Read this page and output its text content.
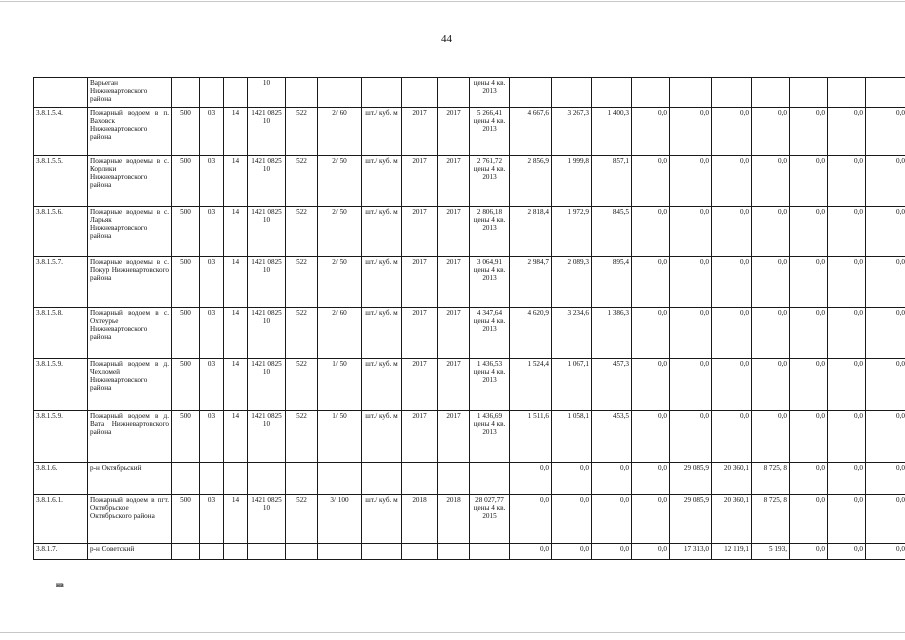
44
	Варьеган Нижневартовского района				10						цены 4 кв. 2013										
3.8.1.5.4.	Пожарный водоем в п. Ваховск Нижневартовского района	500	03	14	1421 0825 10	522	2/ 60	шт./ куб. м	2017	2017	5 266,41 цены 4 кв. 2013	4 667,6	3 267,3	1 400,3	0,0	0,0	0,0	0,0	0,0	0,0	0,0
3.8.1.5.5.	Пожарные водоемы в с. Корлики Нижневартовского района	500	03	14	1421 0825 10	522	2/ 50	шт./ куб. м	2017	2017	2 761,72 цены 4 кв. 2013	2 856,9	1 999,8	857,1	0,0	0,0	0,0	0,0	0,0	0,0	0,0
3.8.1.5.6.	Пожарные водоемы в с. Ларьяк Нижневартовского района	500	03	14	1421 0825 10	522	2/ 50	шт./ куб. м	2017	2017	2 806,18 цены 4 кв. 2013	2 818,4	1 972,9	845,5	0,0	0,0	0,0	0,0	0,0	0,0	0,0
3.8.1.5.7.	Пожарные водоемы в с. Покур Нижневартовского района	500	03	14	1421 0825 10	522	2/ 50	шт./ куб. м	2017	2017	3 064,91 цены 4 кв. 2013	2 984,7	2 089,3	895,4	0,0	0,0	0,0	0,0	0,0	0,0	0,0
3.8.1.5.8.	Пожарный водоем в с. Охтеурье Нижневартовского района	500	03	14	1421 0825 10	522	2/ 60	шт./ куб. м	2017	2017	4 347,64 цены 4 кв. 2013	4 620,9	3 234,6	1 386,3	0,0	0,0	0,0	0,0	0,0	0,0	0,0
3.8.1.5.9.	Пожарный водоем в д. Чехломей Нижневартовского района	500	03	14	1421 0825 10	522	1/ 50	шт./ куб. м	2017	2017	1 436,53 цены 4 кв. 2013	1 524,4	1 067,1	457,3	0,0	0,0	0,0	0,0	0,0	0,0	0,0
3.8.1.5.9.	Пожарный водоем в д. Вата Нижневартовского района	500	03	14	1421 0825 10	522	1/ 50	шт./ куб. м	2017	2017	1 436,69 цены 4 кв. 2013	1 511,6	1 058,1	453,5	0,0	0,0	0,0	0,0	0,0	0,0	0,0
3.8.1.6.	р-н Октябрьский											0,0	0,0	0,0	0,0	29 085,9	20 360,1	8 725, 8	0,0	0,0	0,0
3.8.1.6.1.	Пожарный водоем в пгт. Октябрьское Октябрьского района	500	03	14	1421 0825 10	522	3/ 100	шт./ куб. м	2018	2018	28 027,77 цены 4 кв. 2015	0,0	0,0	0,0	0,0	29 085,9	20 360,1	8 725, 8	0,0	0,0	0,0
3.8.1.7.	р-н Советский											0,0	0,0	0,0	0,0	17 313,0	12 119,1	5 193,	0,0	0,0	0,0
нв
